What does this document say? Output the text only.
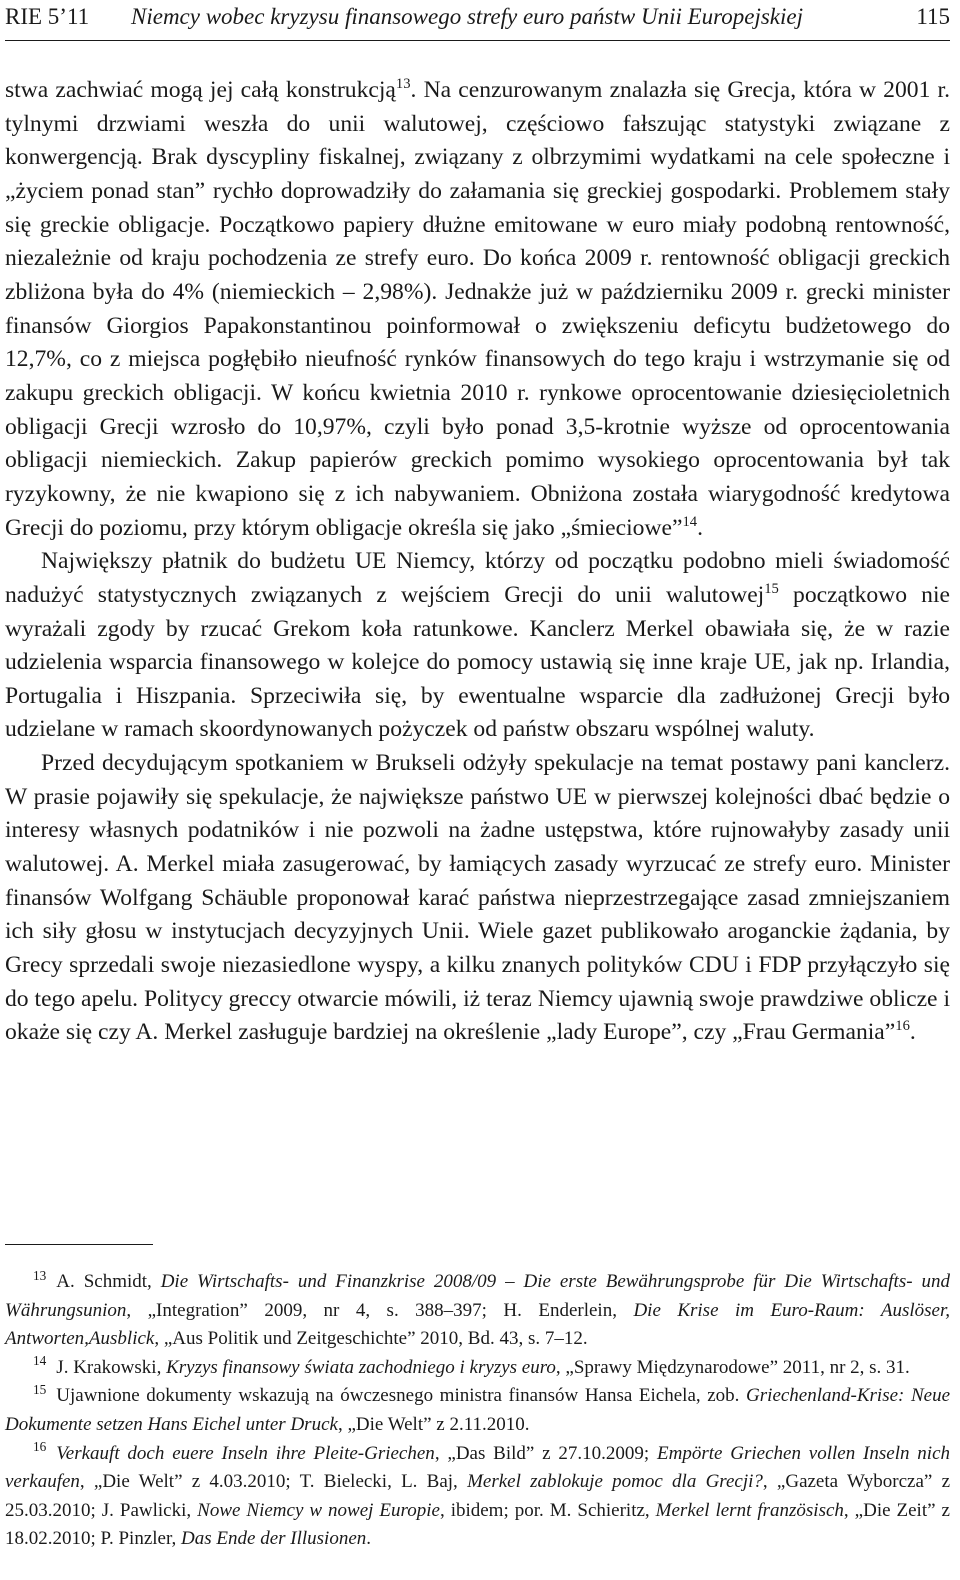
RIE 5’11 Niemcy wobec kryzysu finansowego strefy euro państw Unii Europejskiej	115

stwa zachwiać mogą jej całą konstrukcją$^{13}$. Na cenzurowanym znalazła się Grecja, która w 2001 r. tylnymi drzwiami weszła do unii walutowej, częściowo fałszując statystyki związane z konwergencją. Brak dyscypliny fiskalnej, związany z olbrzymimi wydatkami na cele społeczne i „życiem ponad stan” rychło doprowadziły do załamania się greckiej gospodarki. Problemem stały się greckie obligacje. Początkowo papiery dłużne emitowane w euro miały podobną rentowność, niezależnie od kraju pochodzenia ze strefy euro. Do końca 2009 r. rentowność obligacji greckich zbliżona była do 4% (niemieckich – 2,98%). Jednakże już w październiku 2009 r. grecki minister finansów Giorgios Papakonstantinou poinformował o zwiększeniu deficytu budżetowego do 12,7%, co z miejsca pogłębiło nieufność rynków finansowych do tego kraju i wstrzymanie się od zakupu greckich obligacji. W końcu kwietnia 2010 r. rynkowe oprocentowanie dziesięcioletnich obligacji Grecji wzrosło do 10,97%, czyli było ponad 3,5-krotnie wyższe od oprocentowania obligacji niemieckich. Zakup papierów greckich pomimo wysokiego oprocentowania był tak ryzykowny, że nie kwapiono się z ich nabywaniem. Obniżona została wiarygodność kredytowa Grecji do poziomu, przy którym obligacje określa się jako „śmieciowe”$^{14}$.

Największy płatnik do budżetu UE Niemcy, którzy od początku podobno mieli świadomość nadużyć statystycznych związanych z wejściem Grecji do unii walutowej$^{15}$ początkowo nie wyrażali zgody by rzucać Grekom koła ratunkowe. Kanclerz Merkel obawiała się, że w razie udzielenia wsparcia finansowego w kolejce do pomocy ustawią się inne kraje UE, jak np. Irlandia, Portugalia i Hiszpania. Sprzeciwiła się, by ewentualne wsparcie dla zadłużonej Grecji było udzielane w ramach skoordynowanych pożyczek od państw obszaru wspólnej waluty.

Przed decydującym spotkaniem w Brukseli odżyły spekulacje na temat postawy pani kanclerz. W prasie pojawiły się spekulacje, że największe państwo UE w pierwszej kolejności dbać będzie o interesy własnych podatników i nie pozwoli na żadne ustępstwa, które rujnowałyby zasady unii walutowej. A. Merkel miała zasugerować, by łamiących zasady wyrzucać ze strefy euro. Minister finansów Wolfgang Schäuble proponował karać państwa nieprzestrzegające zasad zmniejszaniem ich siły głosu w instytucjach decyzyjnych Unii. Wiele gazet publikowało aroganckie żądania, by Grecy sprzedali swoje niezasiedlone wyspy, a kilku znanych polityków CDU i FDP przyłączyło się do tego apelu. Politycy greccy otwarcie mówili, iż teraz Niemcy ujawnią swoje prawdziwe oblicze i okaże się czy A. Merkel zasługuje bardziej na określenie „lady Europe”, czy „Frau Germania”$^{16}$.

$^{13}$ A. Schmidt, Die Wirtschafts- und Finanzkrise 2008/09 – Die erste Bewährungsprobe für Die Wirtschafts- und Währungsunion, „Integration” 2009, nr 4, s. 388–397; H. Enderlein, Die Krise im Euro-Raum: Auslöser, Antworten,Ausblick, „Aus Politik und Zeitgeschichte” 2010, Bd. 43, s. 7–12.

$^{14}$ J. Krakowski, Kryzys finansowy świata zachodniego i kryzys euro, „Sprawy Międzynarodowe” 2011, nr 2, s. 31.

$^{15}$ Ujawnione dokumenty wskazują na ówczesnego ministra finansów Hansa Eichela, zob. Griechenland-Krise: Neue Dokumente setzen Hans Eichel unter Druck, „Die Welt” z 2.11.2010.

$^{16}$ Verkauft doch euere Inseln ihre Pleite-Griechen, „Das Bild” z 27.10.2009; Empörte Griechen vollen Inseln nich verkaufen, „Die Welt” z 4.03.2010; T. Bielecki, L. Baj, Merkel zablokuje pomoc dla Grecji?, „Gazeta Wyborcza” z 25.03.2010; J. Pawlicki, Nowe Niemcy w nowej Europie, ibidem; por. M. Schieritz, Merkel lernt französisch, „Die Zeit” z 18.02.2010; P. Pinzler, Das Ende der Illusionen.
